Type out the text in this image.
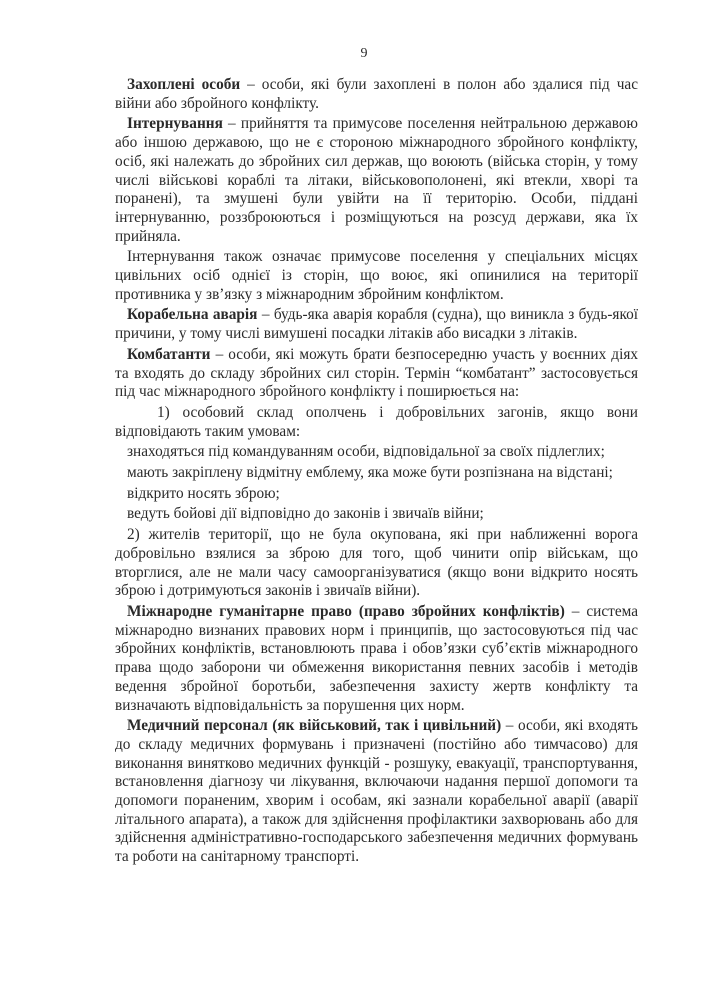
9

Захоплені особи – особи, які були захоплені в полон або здалися під час війни або збройного конфлікту.

Інтернування – прийняття та примусове поселення нейтральною державою або іншою державою, що не є стороною міжнародного збройного конфлікту, осіб, які належать до збройних сил держав, що воюють (війська сторін, у тому числі військові кораблі та літаки, військовополонені, які втекли, хворі та поранені), та змушені були увійти на її територію. Особи, піддані інтернуванню, роззброюються і розміщуються на розсуд держави, яка їх прийняла.

Інтернування також означає примусове поселення у спеціальних місцях цивільних осіб однієї із сторін, що воює, які опинилися на території противника у зв’язку з міжнародним збройним конфліктом.

Корабельна аварія – будь-яка аварія корабля (судна), що виникла з будь-якої причини, у тому числі вимушені посадки літаків або висадки з літаків.

Комбатанти – особи, які можуть брати безпосередню участь у воєнних діях та входять до складу збройних сил сторін. Термін “комбатант” застосовується під час міжнародного збройного конфлікту і поширюється на:

1) особовий склад ополчень і добровільних загонів, якщо вони відповідають таким умовам:

знаходяться під командуванням особи, відповідальної за своїх підлеглих;

мають закріплену відмітну емблему, яка може бути розпізнана на відстані;

відкрито носять зброю;

ведуть бойові дії відповідно до законів і звичаїв війни;

2) жителів території, що не була окупована, які при наближенні ворога добровільно взялися за зброю для того, щоб чинити опір військам, що вторглися, але не мали часу самоорганізуватися (якщо вони відкрито носять зброю і дотримуються законів і звичаїв війни).

Міжнародне гуманітарне право (право збройних конфліктів) – система міжнародно визнаних правових норм і принципів, що застосовуються під час збройних конфліктів, встановлюють права і обов’язки суб’єктів міжнародного права щодо заборони чи обмеження використання певних засобів і методів ведення збройної боротьби, забезпечення захисту жертв конфлікту та визначають відповідальність за порушення цих норм.

Медичний персонал (як військовий, так і цивільний) – особи, які входять до складу медичних формувань і призначені (постійно або тимчасово) для виконання винятково медичних функцій - розшуку, евакуації, транспортування, встановлення діагнозу чи лікування, включаючи надання першої допомоги та допомоги пораненим, хворим і особам, які зазнали корабельної аварії (аварії літального апарата), а також для здійснення профілактики захворювань або для здійснення адміністративно-господарського забезпечення медичних формувань та роботи на санітарному транспорті.
